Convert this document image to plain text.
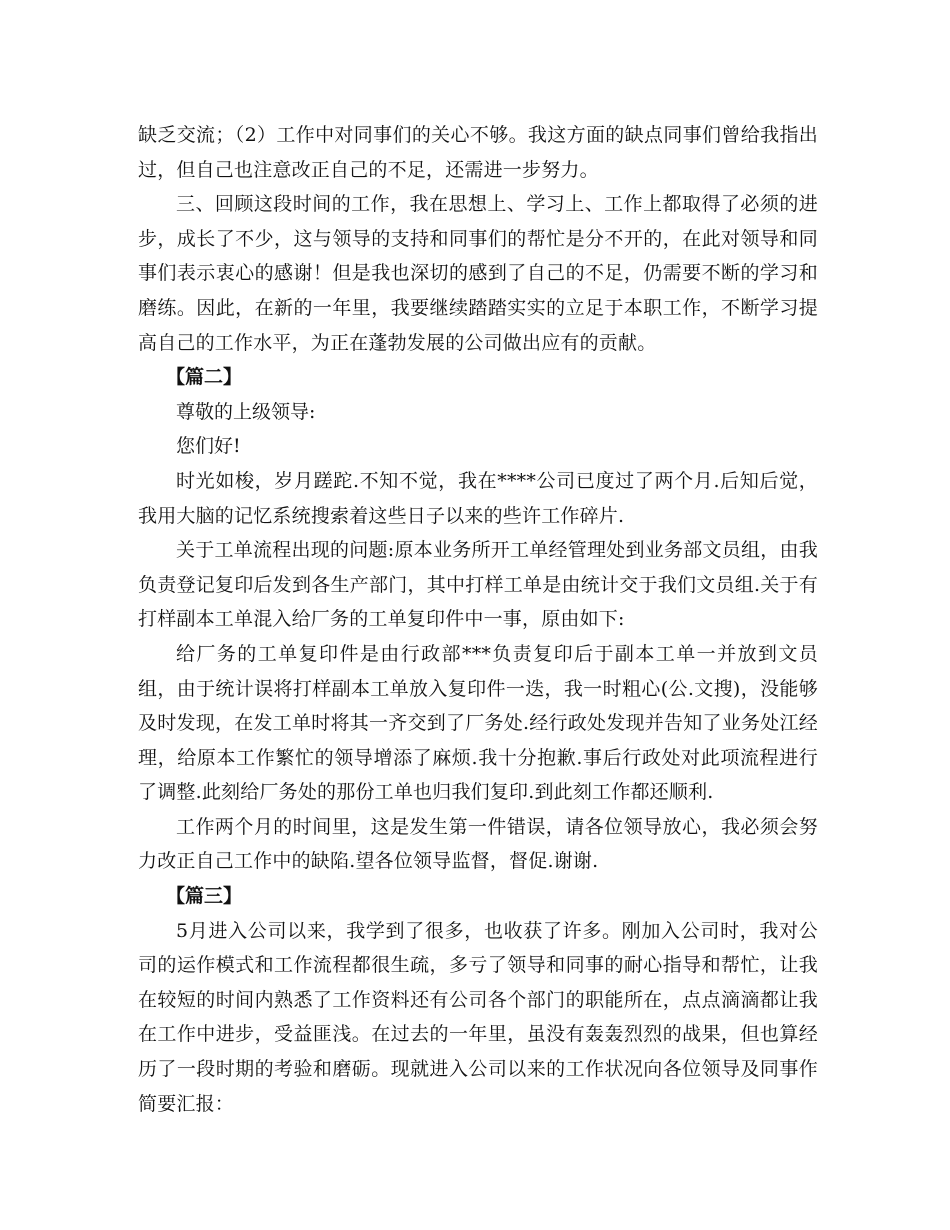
缺乏交流；（2）工作中对同事们的关心不够。我这方面的缺点同事们曾给我指出过，但自己也注意改正自己的不足，还需进一步努力。

三、回顾这段时间的工作，我在思想上、学习上、工作上都取得了必须的进步，成长了不少，这与领导的支持和同事们的帮忙是分不开的，在此对领导和同事们表示衷心的感谢！但是我也深切的感到了自己的不足，仍需要不断的学习和磨练。因此，在新的一年里，我要继续踏踏实实的立足于本职工作，不断学习提高自己的工作水平，为正在蓬勃发展的公司做出应有的贡献。

【篇二】

尊敬的上级领导:

您们好!

时光如梭，岁月蹉跎.不知不觉，我在****公司已度过了两个月.后知后觉，我用大脑的记忆系统搜索着这些日子以来的些许工作碎片.

关于工单流程出现的问题:原本业务所开工单经管理处到业务部文员组，由我负责登记复印后发到各生产部门，其中打样工单是由统计交于我们文员组.关于有打样副本工单混入给厂务的工单复印件中一事，原由如下:

给厂务的工单复印件是由行政部***负责复印后于副本工单一并放到文员组，由于统计误将打样副本工单放入复印件一迭，我一时粗心(公.文搜)，没能够及时发现，在发工单时将其一齐交到了厂务处.经行政处发现并告知了业务处江经理，给原本工作繁忙的领导增添了麻烦.我十分抱歉.事后行政处对此项流程进行了调整.此刻给厂务处的那份工单也归我们复印.到此刻工作都还顺利.

工作两个月的时间里，这是发生第一件错误，请各位领导放心，我必须会努力改正自己工作中的缺陷.望各位领导监督，督促.谢谢.

【篇三】

5月进入公司以来，我学到了很多，也收获了许多。刚加入公司时，我对公司的运作模式和工作流程都很生疏，多亏了领导和同事的耐心指导和帮忙，让我在较短的时间内熟悉了工作资料还有公司各个部门的职能所在，点点滴滴都让我在工作中进步，受益匪浅。在过去的一年里，虽没有轰轰烈烈的战果，但也算经历了一段时期的考验和磨砺。现就进入公司以来的工作状况向各位领导及同事作简要汇报：
